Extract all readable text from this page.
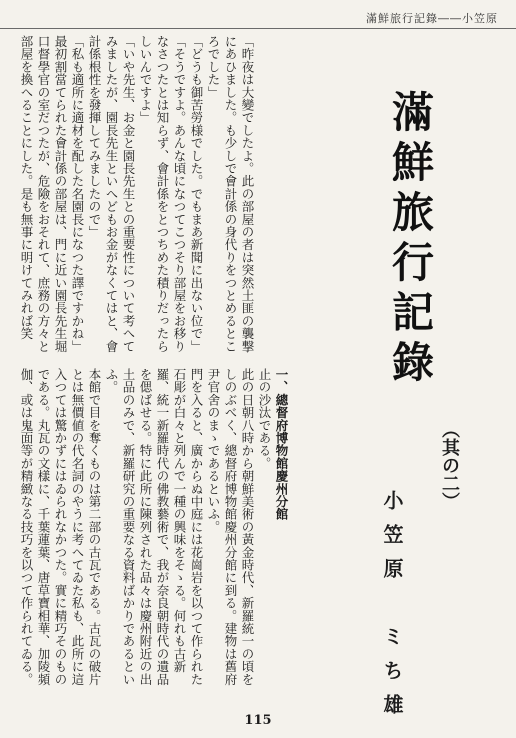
滿鮮旅行記錄――小笠原

「昨夜は大變でしたよ。此の部屋の者は突然土匪の襲撃にあひました。も少しで會計係の身代りをつとめるところでした」

「どうも御苦勞様でした。でもまあ新聞に出ない位で」

「そうですよ。あんな頃になつてこつそり部屋をお移りなさつたとは知らず、會計係をとつちめた積りだったらしいんですよ」

「いや先生、お金と園長先生との重要性について考へてみましたが、園長先生といへどもお金がなくてはと、會計係根性を發揮してみましたので」

「私も適所に適材を配した名園長になつた譯ですかね」

最初割當てられた會計係の部屋は、門に近い園長先生堀口督學官の室だつたが、危險をおそれて、庶務の方々と部屋を換へることにした。是も無事に明けてみれば笑

一、總督府博物館慶州分館

止の沙汰である。

此の日朝八時から朝鮮美術の黃金時代、新羅統一の頃をしのぶべく、總督府博物館慶州分館に到る。建物は舊府尹官舍のまゝであるといふ。

門を入ると、廣からぬ中庭には花崗岩を以つて作られた石彫が白々と列んで一種の興味をそゝる。何れも古新羅、統一新羅時代の佛教藝術で、我が奈良朝時代の遺品を偲ばせる。特に此所に陳列された品々は慶州附近の出土品のみで、新羅研究の重要なる資料ばかりであるといふ。

本館で目を奪くものは第二部の古瓦である。古瓦の破片とは無價値の代名詞のやうに考へてゐた私も、此所に這入つては驚かずにはゐられなかつた。實に精巧そのものである。丸瓦の文樣に、千葉蓮葉、唐草寶相華、加陵頻伽、或は鬼面等が精緻なる技巧を以つて作られてゐる。

滿鮮旅行記錄
（其の二）
小笠原　ミち雄
115
